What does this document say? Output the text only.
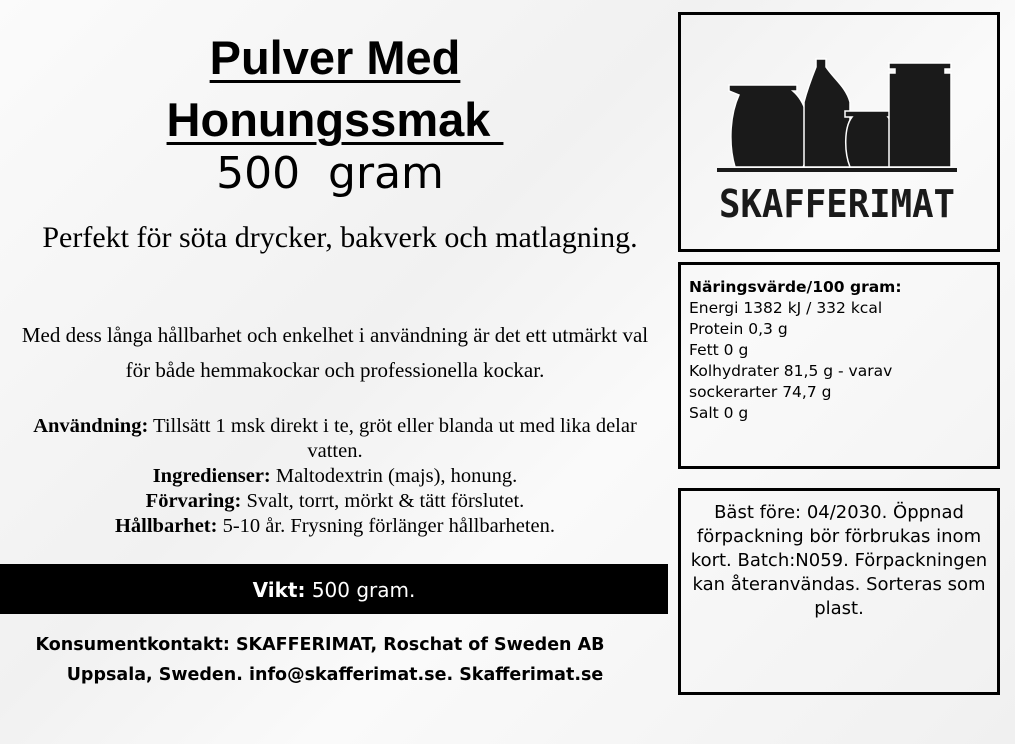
Pulver Med
Honungssmak
500  gram
Perfekt för söta drycker, bakverk och matlagning.
Med dess långa hållbarhet och enkelhet i användning är det ett utmärkt val för både hemmakockar och professionella kockar.
Användning: Tillsätt 1 msk direkt i te, gröt eller blanda ut med lika delar vatten.
Ingredienser: Maltodextrin (majs), honung.
Förvaring: Svalt, torrt, mörkt & tätt förslutet.
Hållbarhet: 5-10 år. Frysning förlänger hållbarheten.
Vikt: 500 gram.
Konsumentkontakt: SKAFFERIMAT, Roschat of Sweden AB
Uppsala, Sweden. info@skafferimat.se. Skafferimat.se
SKAFFERIMAT
Näringsvärde/100 gram:
Energi 1382 kJ / 332 kcal
Protein 0,3 g
Fett 0 g
Kolhydrater 81,5 g - varav
sockerarter 74,7 g
Salt 0 g
Bäst före: 04/2030. Öppnad förpackning bör förbrukas inom kort. Batch:N059. Förpackningen kan återanvändas. Sorteras som plast.
